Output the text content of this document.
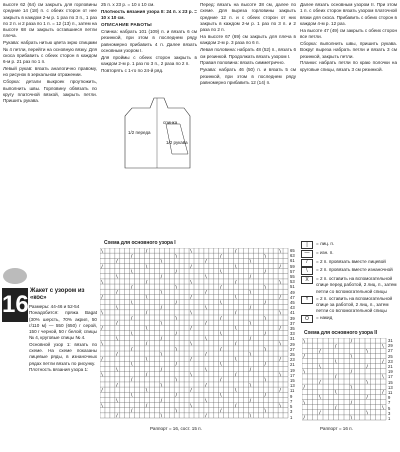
высоте 62 (64) см закрыть для горловины средние 14 (18) п. с обеих сторон от нее закрыть в каждом 2-м р. 1 раз по 3 п., 1 раз по 2 п. и 2 раза по 1 п. = 12 (13) п., затем на высоте 68 см закрыть оставшиеся петли плеча.

Рукава: набрать нитью цвета экрю спицами № 4 петли, перейти на основную вязку. Для скоса прибавить с обеих сторон в каждом 6-м р. 21 раз по 1 п.

Левый рукав: вязать аналогично правому, но рисунок в зеркальном отражении.

Сборка: детали выкроек проутюжить, выполнить швы. Горловину обвязать по кругу платочной вязкой, закрыть петли. Пришить рукава.

25 п. x 23 р. = 10 x 10 см.

Плотность вязания узора II: 24 п. x 23 р. = 10 x 10 см.

ОПИСАНИЕ РАБОТЫ

Спинка: набрать 101 (109) п. и вязать 6 см резинкой, при этом в последнем ряду равномерно прибавить 4 п. Далее вязать основным узором I.

Для проймы с обеих сторон закрыть в каждом 2-м р. 1 раз по 3 п., 2 раза по 2 п.

Повторять с 1-го по 24-й ряд.

1/2 переда
спинка
1/2 рукава

Перед: вязать на высоте 38 см, далее по схеме. Для выреза горловины закрыть средние 12 п. и с обеих сторон от них закрыть в каждом 2-м р. 1 раз по 3 п. и 2 раза по 2 п.

На высоте 67 (69) см закрыть для плеча в каждом 2-м р. 3 раза по 6 п.

Левая половина: набрать 48 (52) п., вязать 6 см резинкой. Продолжать вязать узором I.

Правая половина: вязать симметрично.

Рукава: набрать 46 (50) п. и вязать 5 см резинкой, при этом в последнем ряду равномерно прибавить 12 (14) п.

Далее вязать основным узором II. При этом 1 п. с обеих сторон вязать узором платочной вязки для скоса. Прибавить с обеих сторон в каждом 4-м р. 12 раз.

На высоте 47 (49) см закрыть с обеих сторон все петли.

Сборка: выполнить швы, пришить рукава. Вокруг выреза набрать петли и вязать 3 см резинкой, закрыть петли.

Планки: набрать петли по краю полочки на круговые спицы, вязать 3 см резинкой.

16 Жакет с узором из «кос»

Размеры: 44-46 и 52-54

Понадобится: пряжа Bagat (30% шерсть, 70% акрил, 50 г/110 м) — 550 (650) г серой, 150 г черной, 50 г белой; спицы № 4, круговые спицы № 4.

Основной узор 1: вязать по схеме. На схеме показаны лицевые ряды, в изнаночных рядах петли вязать по рисунку.

Плотность вязания узора 1:

Схема для основного узора I
\	/	\	/	\
/	\	/	\
/	\	/	\
/	\	/	\	/
\	/	\	/
\	/	\	/
\	/	\	/	\
/	\	/	\
/	\	/	\
/	\	/	\	/
\	/	\	/
\	/	\	/
\	/	\	/	\
/	\	/	\
/	\	/	\
/	\	/	\	/
\	/	\	/
\	/	\	/
\	/	\	/	\
/	\	/	\
/	\	/	\
/	\	/	\	/
\	/	\	/
\	/	\	/
\	/	\	/	\
/	\	/	\
/	\	/	\
/	\	/	\	/
\	/	\	/
\	/	\	/
\	/	\	/	\
/	\	/	\
/	\	/	\
65
63
61
59
57
55
53
51
49
47
45
43
41
39
37
35
33
31
29
27
25
23
21
19
17
15
13
11
9
7
5
3
1
Раппорт = 16, сост. 15 п.
Схема для основного узора II
\	/
/	\
/	\
/	\
\	/
\	/
\	/
/	\
/	\
/	\
\	/
\	/
\	/
/	\
/	\
/	\
31
29
27
25
23
21
19
17
15
13
11
9
7
5
3
1
Раппорт = 16 п.
|	= лиц. п.
—	= изн. п.
/	= 2 п. провязать вместе лицевой
\	= 2 п. провязать вместе изнаночной
X	= 2 п. оставить на вспомогательной спице перед работой, 2 лиц. п., затем петли со вспомогательной спицы
Y	= 2 п. оставить на вспомогательной спице за работой, 2 лиц. п., затем петли со вспомогательной спицы
O	= накид
